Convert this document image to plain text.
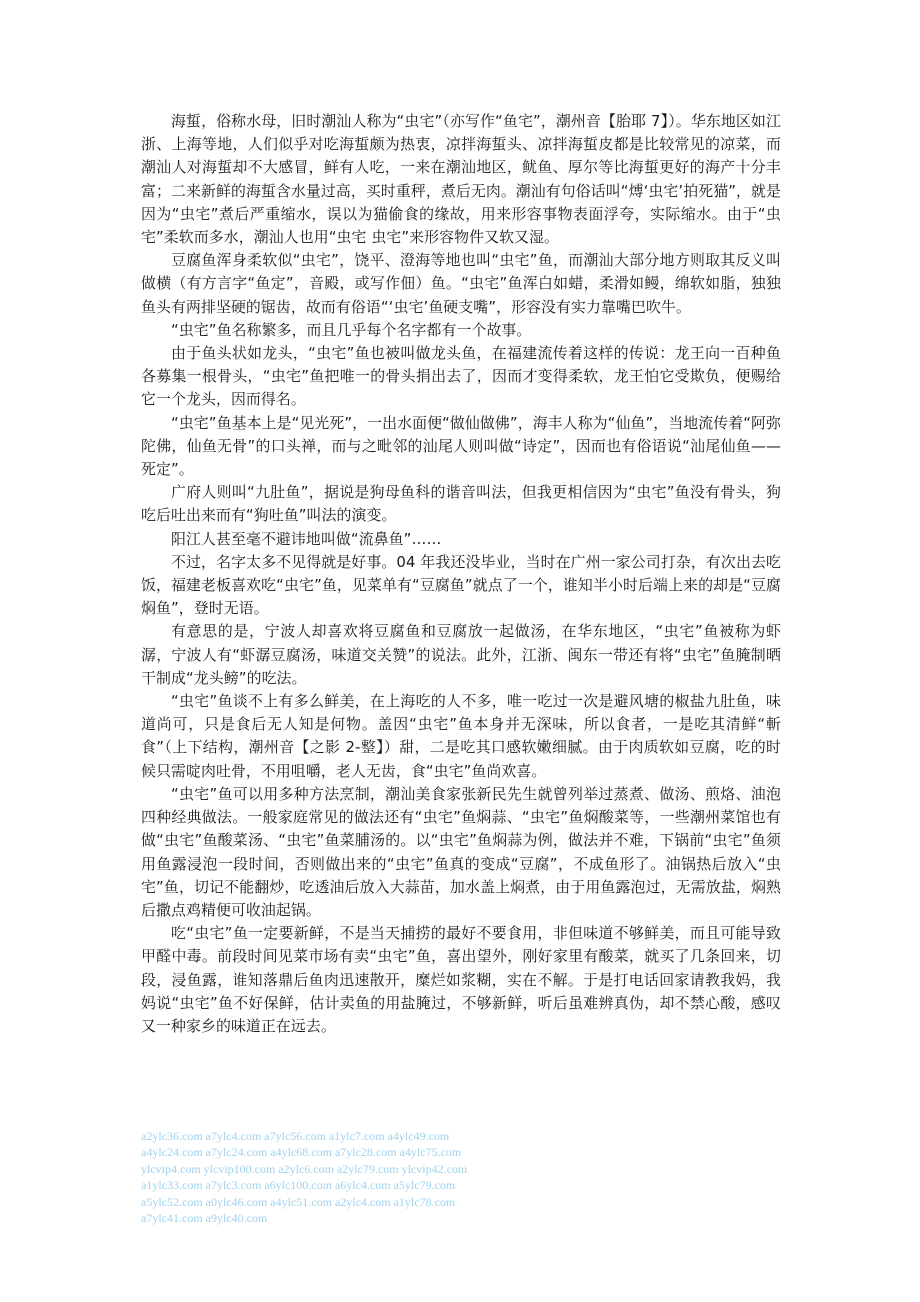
海蜇，俗称水母，旧时潮汕人称为“虫宅”（亦写作“鱼宅”，潮州音【胎耶 7】）。华东地区如江浙、上海等地，人们似乎对吃海蜇颇为热衷，凉拌海蜇头、凉拌海蜇皮都是比较常见的凉菜，而潮汕人对海蜇却不大感冒，鲜有人吃，一来在潮汕地区，鱿鱼、厚尔等比海蜇更好的海产十分丰富；二来新鲜的海蜇含水量过高，买时重秤，煮后无肉。潮汕有句俗话叫“煿‘虫宅’拍死猫”，就是因为“虫宅”煮后严重缩水，误以为猫偷食的缘故，用来形容事物表面浮夸，实际缩水。由于“虫宅”柔软而多水，潮汕人也用“虫宅 虫宅”来形容物件又软又湿。

豆腐鱼浑身柔软似“虫宅”，饶平、澄海等地也叫“虫宅”鱼，而潮汕大部分地方则取其反义叫做横（有方言字“鱼定”，音殿，或写作佃）鱼。“虫宅”鱼浑白如蜡，柔滑如鳗，绵软如脂，独独鱼头有两排坚硬的锯齿，故而有俗语“‘虫宅’鱼硬支嘴”，形容没有实力靠嘴巴吹牛。

“虫宅”鱼名称繁多，而且几乎每个名字都有一个故事。

由于鱼头状如龙头，“虫宅”鱼也被叫做龙头鱼，在福建流传着这样的传说：龙王向一百种鱼各募集一根骨头，“虫宅”鱼把唯一的骨头捐出去了，因而才变得柔软，龙王怕它受欺负，便赐给它一个龙头，因而得名。

“虫宅”鱼基本上是“见光死”，一出水面便“做仙做佛”，海丰人称为“仙鱼”，当地流传着“阿弥陀佛，仙鱼无骨”的口头禅，而与之毗邻的汕尾人则叫做“诗定”，因而也有俗语说“汕尾仙鱼——死定”。

广府人则叫“九肚鱼”，据说是狗母鱼科的谐音叫法，但我更相信因为“虫宅”鱼没有骨头，狗吃后吐出来而有“狗吐鱼”叫法的演变。

阳江人甚至毫不避讳地叫做“流鼻鱼”……

不过，名字太多不见得就是好事。04 年我还没毕业，当时在广州一家公司打杂，有次出去吃饭，福建老板喜欢吃“虫宅”鱼，见菜单有“豆腐鱼”就点了一个，谁知半小时后端上来的却是“豆腐焖鱼”，登时无语。

有意思的是，宁波人却喜欢将豆腐鱼和豆腐放一起做汤，在华东地区，“虫宅”鱼被称为虾潺，宁波人有“虾潺豆腐汤，味道交关赞”的说法。此外，江浙、闽东一带还有将“虫宅”鱼腌制晒干制成“龙头鳑”的吃法。

“虫宅”鱼谈不上有多么鲜美，在上海吃的人不多，唯一吃过一次是避风塘的椒盐九肚鱼，味道尚可，只是食后无人知是何物。盖因“虫宅”鱼本身并无深味，所以食者，一是吃其清鲜“斬食”（上下结构，潮州音【之影 2-整】）甜，二是吃其口感软嫩细腻。由于肉质软如豆腐，吃的时候只需啶肉吐骨，不用咀嚼，老人无齿，食“虫宅”鱼尚欢喜。

“虫宅”鱼可以用多种方法烹制，潮汕美食家张新民先生就曾列举过蒸煮、做汤、煎烙、油泡四种经典做法。一般家庭常见的做法还有“虫宅”鱼焖蒜、“虫宅”鱼焖酸菜等，一些潮州菜馆也有做“虫宅”鱼酸菜汤、“虫宅”鱼菜脯汤的。以“虫宅”鱼焖蒜为例，做法并不难，下锅前“虫宅”鱼须用鱼露浸泡一段时间，否则做出来的“虫宅”鱼真的变成“豆腐”，不成鱼形了。油锅热后放入“虫宅”鱼，切记不能翻炒，吃透油后放入大蒜苗，加水盖上焖煮，由于用鱼露泡过，无需放盐，焖熟后撒点鸡精便可收油起锅。

吃“虫宅”鱼一定要新鲜，不是当天捕捞的最好不要食用，非但味道不够鲜美，而且可能导致甲醛中毒。前段时间见菜市场有卖“虫宅”鱼，喜出望外，刚好家里有酸菜，就买了几条回来，切段，浸鱼露，谁知落鼎后鱼肉迅速散开，糜烂如浆糊，实在不解。于是打电话回家请教我妈，我妈说“虫宅”鱼不好保鲜，估计卖鱼的用盐腌过，不够新鲜，听后虽难辨真伪，却不禁心酸，感叹又一种家乡的味道正在远去。

a2ylc36.com a7ylc4.com a7ylc56.com a1ylc7.com a4ylc49.com
a4ylc24.com a7ylc24.com a4ylc68.com a7ylc28.com a4ylc75.com
ylcvip4.com ylcvip100.com a2ylc6.com a2ylc79.com ylcvip42.com
a1ylc33.com a7ylc3.com a6ylc100.com a6ylc4.com a5ylc79.com
a5ylc52.com a0ylc46.com a4ylc51.com a2ylc4.com a1ylc78.com
a7ylc41.com a9ylc40.com
